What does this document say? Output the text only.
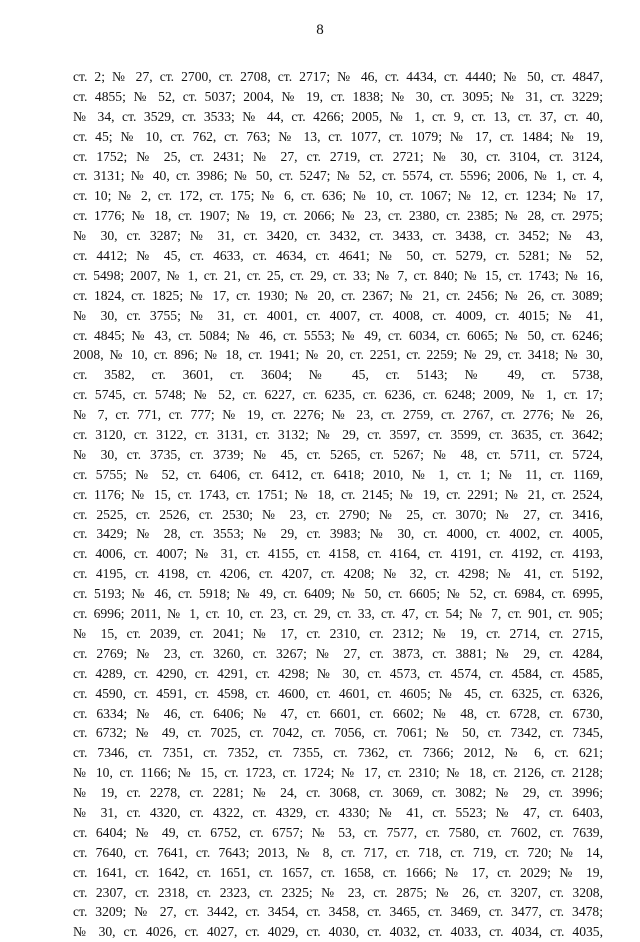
8
ст. 2; № 27, ст. 2700, ст. 2708, ст. 2717; № 46, ст. 4434, ст. 4440; № 50, ст. 4847,
ст. 4855; № 52, ст. 5037; 2004, № 19, ст. 1838; № 30, ст. 3095; № 31, ст. 3229;
№ 34, ст. 3529, ст. 3533; № 44, ст. 4266; 2005, № 1, ст. 9, ст. 13, ст. 37, ст. 40,
ст. 45; № 10, ст. 762, ст. 763; № 13, ст. 1077, ст. 1079; № 17, ст. 1484; № 19,
ст. 1752; № 25, ст. 2431; № 27, ст. 2719, ст. 2721; № 30, ст. 3104, ст. 3124,
ст. 3131; № 40, ст. 3986; № 50, ст. 5247; № 52, ст. 5574, ст. 5596; 2006, № 1, ст. 4,
ст. 10; № 2, ст. 172, ст. 175; № 6, ст. 636; № 10, ст. 1067; № 12, ст. 1234; № 17,
ст. 1776; № 18, ст. 1907; № 19, ст. 2066; № 23, ст. 2380, ст. 2385; № 28, ст. 2975;
№ 30, ст. 3287; № 31, ст. 3420, ст. 3432, ст. 3433, ст. 3438, ст. 3452; № 43,
ст. 4412; № 45, ст. 4633, ст. 4634, ст. 4641; № 50, ст. 5279, ст. 5281; № 52,
ст. 5498; 2007, № 1, ст. 21, ст. 25, ст. 29, ст. 33; № 7, ст. 840; № 15, ст. 1743; № 16,
ст. 1824, ст. 1825; № 17, ст. 1930; № 20, ст. 2367; № 21, ст. 2456; № 26, ст. 3089;
№ 30, ст. 3755; № 31, ст. 4001, ст. 4007, ст. 4008, ст. 4009, ст. 4015; № 41,
ст. 4845; № 43, ст. 5084; № 46, ст. 5553; № 49, ст. 6034, ст. 6065; № 50, ст. 6246;
2008, № 10, ст. 896; № 18, ст. 1941; № 20, ст. 2251, ст. 2259; № 29, ст. 3418; № 30,
ст. 3582, ст. 3601, ст. 3604; № 45, ст. 5143; № 49, ст. 5738,
ст. 5745, ст. 5748; № 52, ст. 6227, ст. 6235, ст. 6236, ст. 6248; 2009, № 1, ст. 17;
№ 7, ст. 771, ст. 777; № 19, ст. 2276; № 23, ст. 2759, ст. 2767, ст. 2776; № 26,
ст. 3120, ст. 3122, ст. 3131, ст. 3132; № 29, ст. 3597, ст. 3599, ст. 3635, ст. 3642;
№ 30, ст. 3735, ст. 3739; № 45, ст. 5265, ст. 5267; № 48, ст. 5711, ст. 5724,
ст. 5755; № 52, ст. 6406, ст. 6412, ст. 6418; 2010, № 1, ст. 1; № 11, ст. 1169,
ст. 1176; № 15, ст. 1743, ст. 1751; № 18, ст. 2145; № 19, ст. 2291; № 21, ст. 2524,
ст. 2525, ст. 2526, ст. 2530; № 23, ст. 2790; № 25, ст. 3070; № 27, ст. 3416,
ст. 3429; № 28, ст. 3553; № 29, ст. 3983; № 30, ст. 4000, ст. 4002, ст. 4005,
ст. 4006, ст. 4007; № 31, ст. 4155, ст. 4158, ст. 4164, ст. 4191, ст. 4192, ст. 4193,
ст. 4195, ст. 4198, ст. 4206, ст. 4207, ст. 4208; № 32, ст. 4298; № 41, ст. 5192,
ст. 5193; № 46, ст. 5918; № 49, ст. 6409; № 50, ст. 6605; № 52, ст. 6984, ст. 6995,
ст. 6996; 2011, № 1, ст. 10, ст. 23, ст. 29, ст. 33, ст. 47, ст. 54; № 7, ст. 901, ст. 905;
№ 15, ст. 2039, ст. 2041; № 17, ст. 2310, ст. 2312; № 19, ст. 2714, ст. 2715,
ст. 2769; № 23, ст. 3260, ст. 3267; № 27, ст. 3873, ст. 3881; № 29, ст. 4284,
ст. 4289, ст. 4290, ст. 4291, ст. 4298; № 30, ст. 4573, ст. 4574, ст. 4584, ст. 4585,
ст. 4590, ст. 4591, ст. 4598, ст. 4600, ст. 4601, ст. 4605; № 45, ст. 6325, ст. 6326,
ст. 6334; № 46, ст. 6406; № 47, ст. 6601, ст. 6602; № 48, ст. 6728, ст. 6730,
ст. 6732; № 49, ст. 7025, ст. 7042, ст. 7056, ст. 7061; № 50, ст. 7342, ст. 7345,
ст. 7346, ст. 7351, ст. 7352, ст. 7355, ст. 7362, ст. 7366; 2012, № 6, ст. 621;
№ 10, ст. 1166; № 15, ст. 1723, ст. 1724; № 17, ст. 2310; № 18, ст. 2126, ст. 2128;
№ 19, ст. 2278, ст. 2281; № 24, ст. 3068, ст. 3069, ст. 3082; № 29, ст. 3996;
№ 31, ст. 4320, ст. 4322, ст. 4329, ст. 4330; № 41, ст. 5523; № 47, ст. 6403,
ст. 6404; № 49, ст. 6752, ст. 6757; № 53, ст. 7577, ст. 7580, ст. 7602, ст. 7639,
ст. 7640, ст. 7641, ст. 7643; 2013, № 8, ст. 717, ст. 718, ст. 719, ст. 720; № 14,
ст. 1641, ст. 1642, ст. 1651, ст. 1657, ст. 1658, ст. 1666; № 17, ст. 2029; № 19,
ст. 2307, ст. 2318, ст. 2323, ст. 2325; № 23, ст. 2875; № 26, ст. 3207, ст. 3208,
ст. 3209; № 27, ст. 3442, ст. 3454, ст. 3458, ст. 3465, ст. 3469, ст. 3477, ст. 3478;
№ 30, ст. 4026, ст. 4027, ст. 4029, ст. 4030, ст. 4032, ст. 4033, ст. 4034, ст. 4035,
